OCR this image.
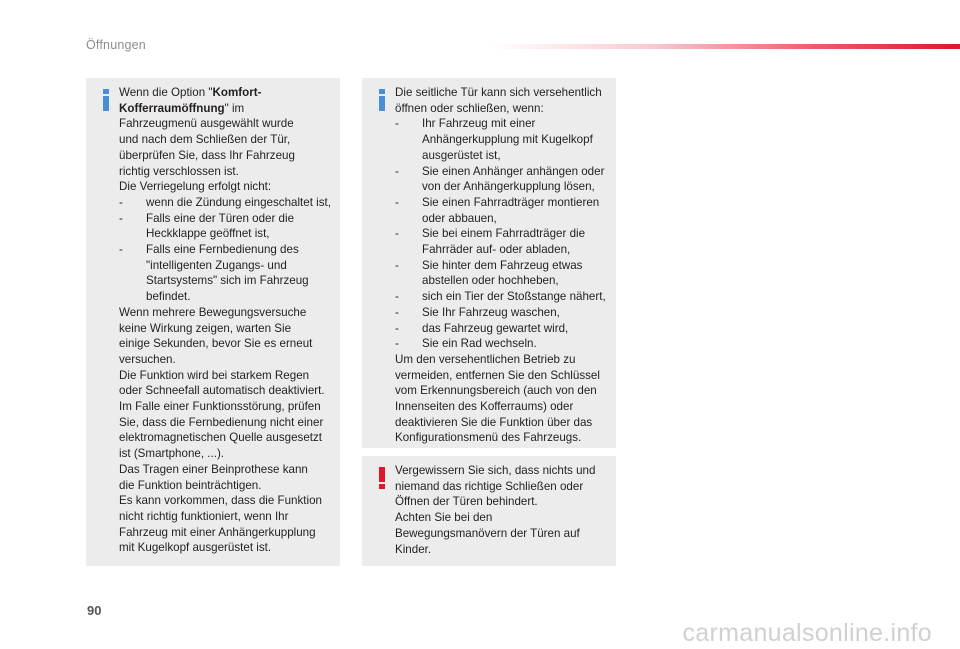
Öffnungen

Wenn die Option "Komfort-

Kofferraumöffnung" im

Fahrzeugmenü ausgewählt wurde

und nach dem Schließen der Tür,

überprüfen Sie, dass Ihr Fahrzeug

richtig verschlossen ist.

Die Verriegelung erfolgt nicht:

- wenn die Zündung eingeschaltet ist,
- Falls eine der Türen oder die
Heckklappe geöffnet ist,
- Falls eine Fernbedienung des
"intelligenten Zugangs- und
Startsystems" sich im Fahrzeug
befindet.

Wenn mehrere Bewegungsversuche

keine Wirkung zeigen, warten Sie

einige Sekunden, bevor Sie es erneut

versuchen.

Die Funktion wird bei starkem Regen

oder Schneefall automatisch deaktiviert.

Im Falle einer Funktionsstörung, prüfen

Sie, dass die Fernbedienung nicht einer

elektromagnetischen Quelle ausgesetzt

ist (Smartphone, ...).

Das Tragen einer Beinprothese kann

die Funktion beinträchtigen.

Es kann vorkommen, dass die Funktion

nicht richtig funktioniert, wenn Ihr

Fahrzeug mit einer Anhängerkupplung

mit Kugelkopf ausgerüstet ist.

Die seitliche Tür kann sich versehentlich

öffnen oder schließen, wenn:

- Ihr Fahrzeug mit einer
Anhängerkupplung mit Kugelkopf
ausgerüstet ist,
- Sie einen Anhänger anhängen oder
von der Anhängerkupplung lösen,
- Sie einen Fahrradträger montieren
oder abbauen,
- Sie bei einem Fahrradträger die
Fahrräder auf- oder abladen,
- Sie hinter dem Fahrzeug etwas
abstellen oder hochheben,
- sich ein Tier der Stoßstange nähert,
- Sie Ihr Fahrzeug waschen,
- das Fahrzeug gewartet wird,
- Sie ein Rad wechseln.

Um den versehentlichen Betrieb zu

vermeiden, entfernen Sie den Schlüssel

vom Erkennungsbereich (auch von den

Innenseiten des Kofferraums) oder

deaktivieren Sie die Funktion über das

Konfigurationsmenü des Fahrzeugs.

Vergewissern Sie sich, dass nichts und

niemand das richtige Schließen oder

Öffnen der Türen behindert.

Achten Sie bei den

Bewegungsmanövern der Türen auf

Kinder.

90
carmanualsonline.info
